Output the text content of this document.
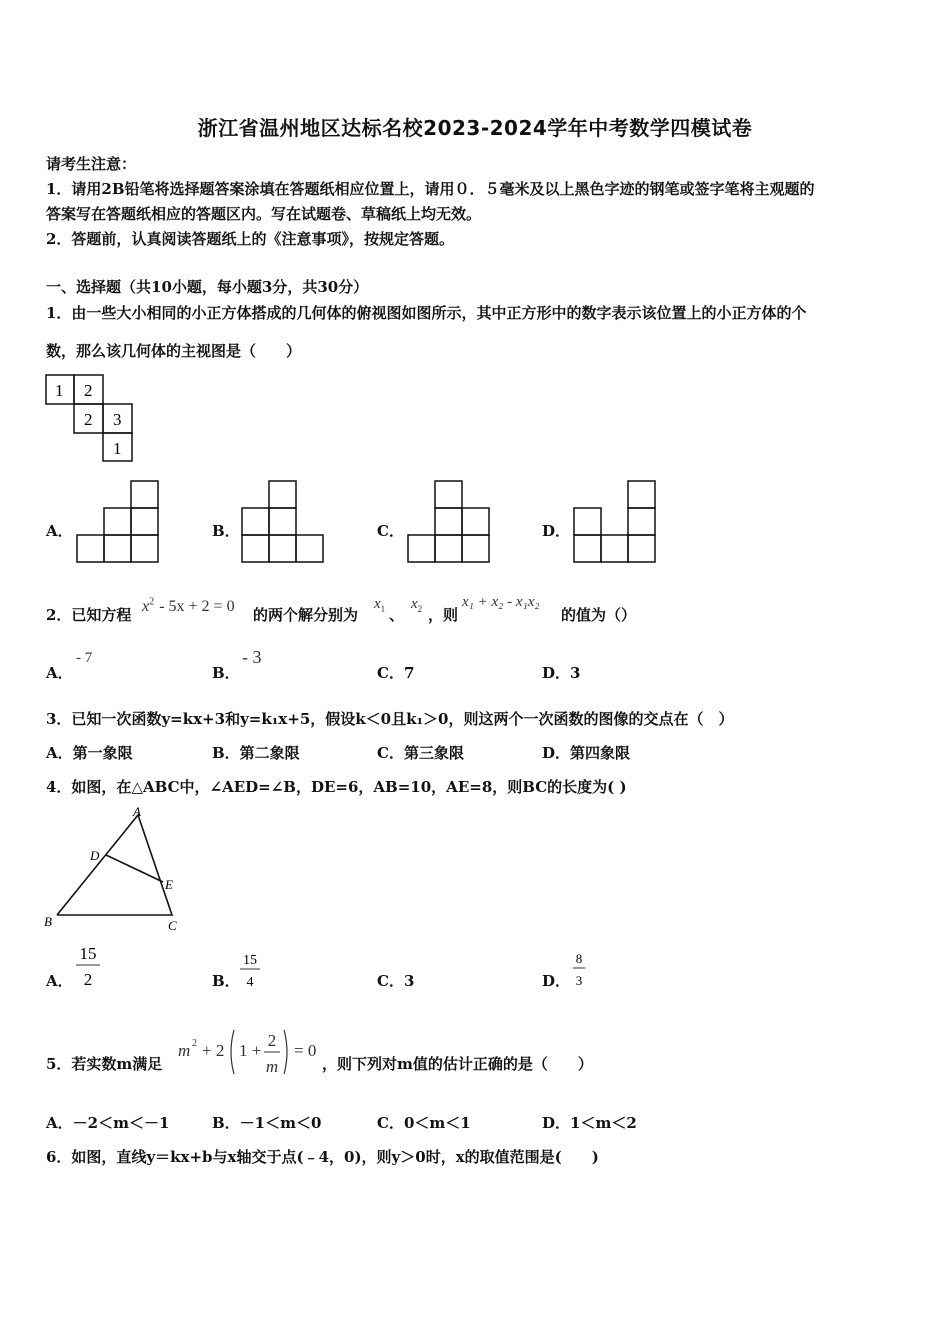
浙江省温州地区达标名校2023-2024学年中考数学四模试卷
请考生注意：
1．请用2B铅笔将选择题答案涂填在答题纸相应位置上，请用０．５毫米及以上黑色字迹的钢笔或签字笔将主观题的
答案写在答题纸相应的答题区内。写在试题卷、草稿纸上均无效。
2．答题前，认真阅读答题纸上的《注意事项》，按规定答题。
一、选择题（共10小题，每小题3分，共30分）
1．由一些大小相同的小正方体搭成的几何体的俯视图如图所示，其中正方形中的数字表示该位置上的小正方体的个
数，那么该几何体的主视图是（　　）
1 2
2 3
1
A．	B．	C．	D．
2．已知方程 $x^2 - 5x + 2 = 0$ 的两个解分别为
$x_1$ 、
$x_2$ ，则
x₁ + x₂ - x₁x₂
的值为（）
A．
- 7
B．
- 3
C．7	D．3
3．已知一次函数y=kx+3和y=k₁x+5，假设k＜0且k₁＞0，则这两个一次函数的图像的交点在（　）
A．第一象限	B．第二象限	C．第三象限	D．第四象限
4．如图，在△ABC中，∠AED=∠B，DE=6，AB=10，AE=8，则BC的长度为( )
A
D
E
B	C
A．
15
2	B．
15
4	C．3	D．
8
3
5．若实数m满足
m 2 + 2 1 +
2
m
= 0
，则下列对m值的估计正确的是（　　）
A．－2＜m＜－1	B．－1＜m＜0	C．0＜m＜1	D．1＜m＜2
6．如图，直线y＝kx+b与x轴交于点(﹣4，0)，则y＞0时，x的取值范围是(　　)
